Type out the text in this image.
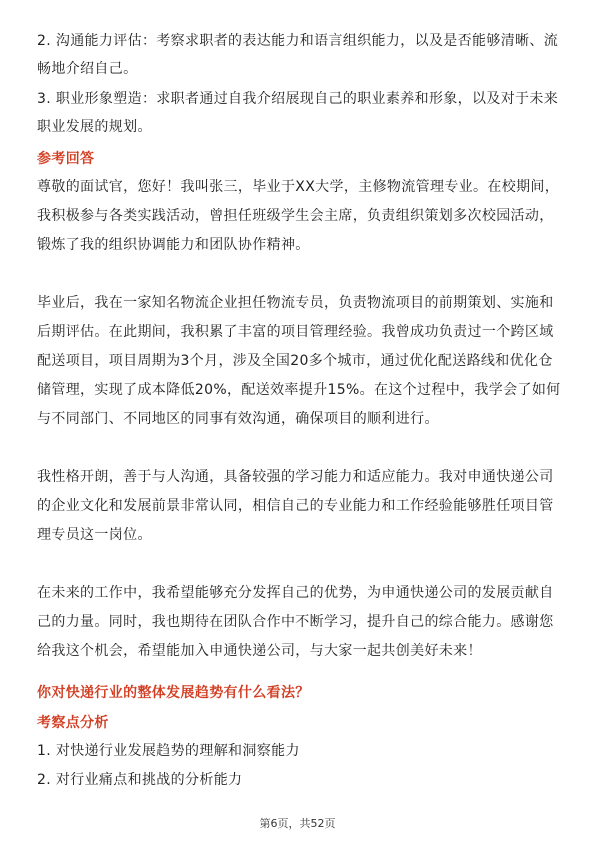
2. 沟通能力评估：考察求职者的表达能力和语言组织能力，以及是否能够清晰、流
畅地介绍自己。
3. 职业形象塑造：求职者通过自我介绍展现自己的职业素养和形象，以及对于未来
职业发展的规划。
参考回答
尊敬的面试官，您好！我叫张三，毕业于XX大学，主修物流管理专业。在校期间，
我积极参与各类实践活动，曾担任班级学生会主席，负责组织策划多次校园活动，
锻炼了我的组织协调能力和团队协作精神。
毕业后，我在一家知名物流企业担任物流专员，负责物流项目的前期策划、实施和
后期评估。在此期间，我积累了丰富的项目管理经验。我曾成功负责过一个跨区域
配送项目，项目周期为3个月，涉及全国20多个城市，通过优化配送路线和优化仓
储管理，实现了成本降低20%，配送效率提升15%。在这个过程中，我学会了如何
与不同部门、不同地区的同事有效沟通，确保项目的顺利进行。
我性格开朗，善于与人沟通，具备较强的学习能力和适应能力。我对申通快递公司
的企业文化和发展前景非常认同，相信自己的专业能力和工作经验能够胜任项目管
理专员这一岗位。
在未来的工作中，我希望能够充分发挥自己的优势，为申通快递公司的发展贡献自
己的力量。同时，我也期待在团队合作中不断学习，提升自己的综合能力。感谢您
给我这个机会，希望能加入申通快递公司，与大家一起共创美好未来！
你对快递行业的整体发展趋势有什么看法？
考察点分析
1. 对快递行业发展趋势的理解和洞察能力
2. 对行业痛点和挑战的分析能力
第6页，共52页
